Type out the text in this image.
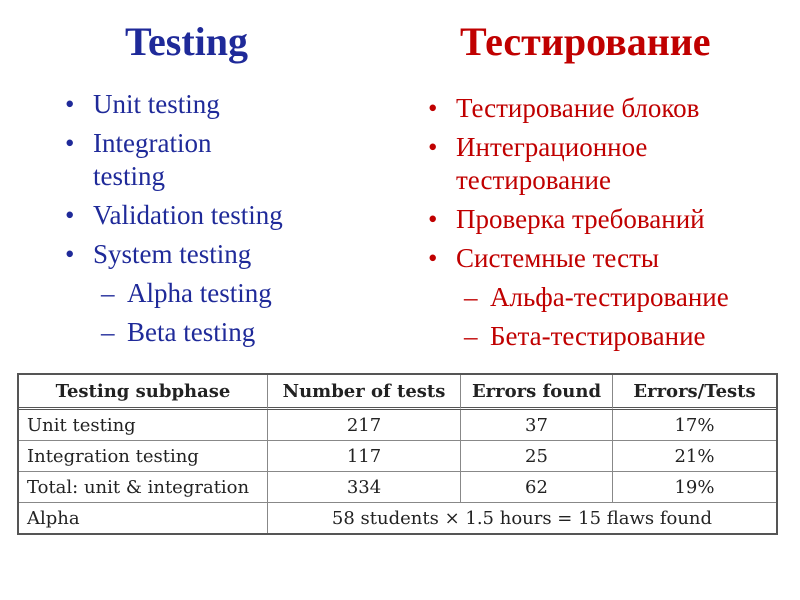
Testing
• Unit testing
• Integration
testing
• Validation testing
• System testing
– Alpha testing
– Beta testing
Тестирование
• Тестирование блоков
• Интеграционное
тестирование
• Проверка требований
• Системные тесты
– Альфа-тестирование
– Бета-тестирование
Testing subphase	Number of tests	Errors found	Errors/Tests
Unit testing	217	37	17%
Integration testing	117	25	21%
Total: unit & integration	334	62	19%
Alpha	58 students × 1.5 hours = 15 flaws found		
